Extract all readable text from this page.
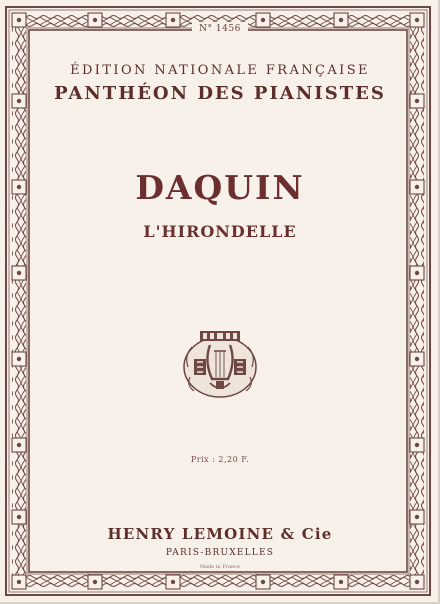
N° 1456
ÉDITION NATIONALE FRANÇAISE
PANTHÉON DES PIANISTES
DAQUIN
L'HIRONDELLE
Prix : 2,20 F.
HENRY LEMOINE & Cie
PARIS-BRUXELLES
Made in France
